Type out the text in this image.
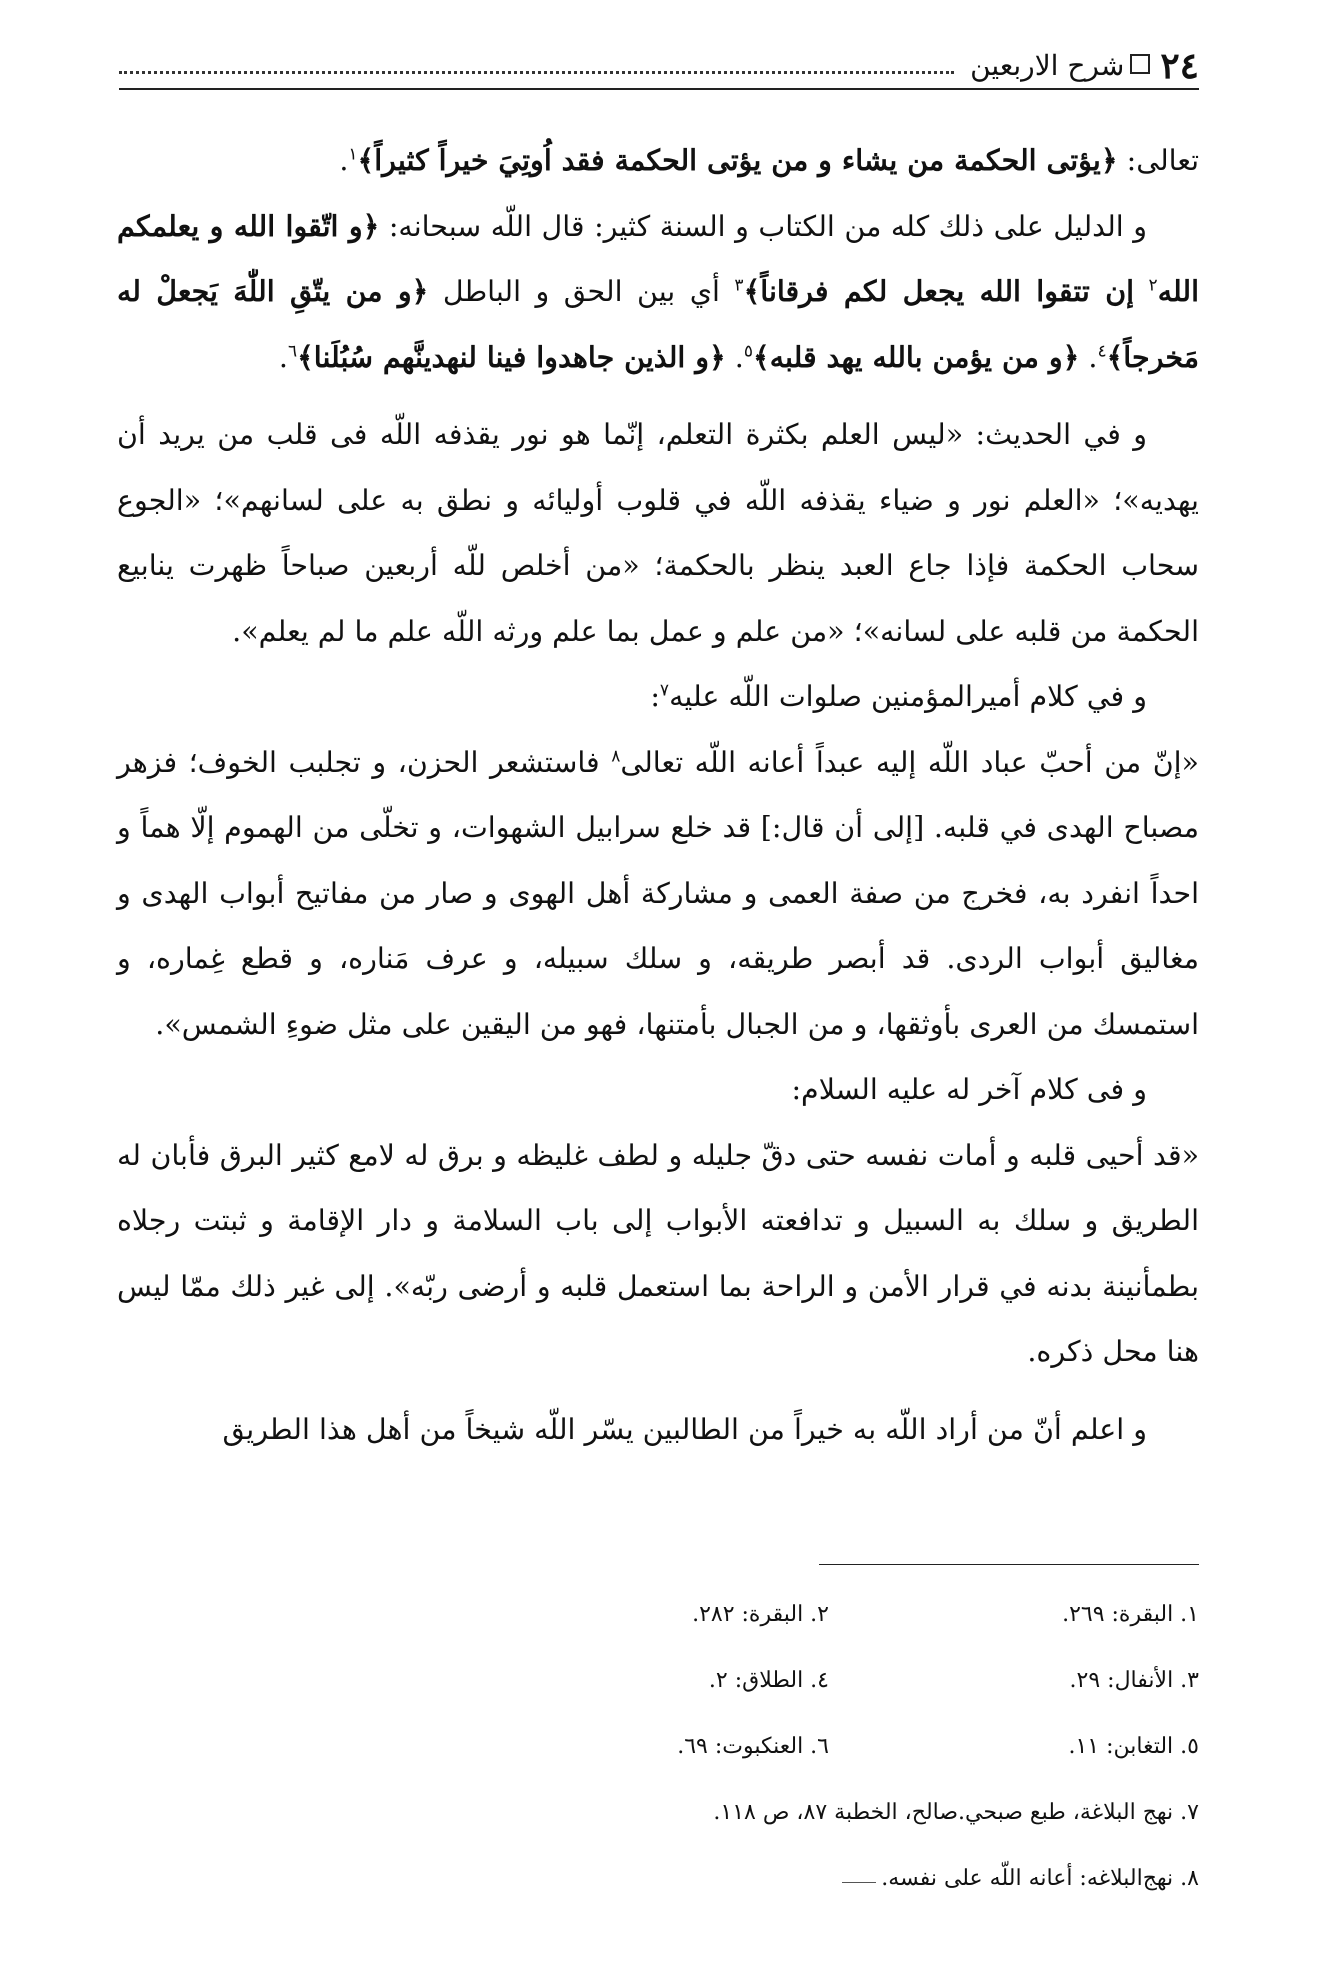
٢٤
شرح الاربعين

تعالی: ﴿يؤتی الحكمة من يشاء و من يؤتی الحكمة فقد اُوتِيَ خيراً كثيراً﴾$^١$.

و الدليل علی ذلك كله من الكتاب و السنة كثير: قال اللّه سبحانه: ﴿و اتّقوا الله و يعلمكم الله$^٢$ إن تتقوا الله يجعل لكم فرقاناً﴾$^٣$ أي بين الحق و الباطل ﴿و من يتّقِ اللّٰهَ يَجعلْ له مَخرجاً﴾$^٤$. ﴿و من يؤمن بالله يهد قلبه﴾$^٥$. ﴿و الذين جاهدوا فينا لنهدينَّهم سُبُلَنا﴾$^٦$.

و في الحديث: «ليس العلم بكثرة التعلم، إنّما هو نور يقذفه اللّه فی قلب من يريد أن يهديه»؛ «العلم نور و ضياء يقذفه اللّه في قلوب أوليائه و نطق به علی لسانهم»؛ «الجوع سحاب الحكمة فإذا جاع العبد ينظر بالحكمة؛ «من أخلص للّه أربعين صباحاً ظهرت ينابيع الحكمة من قلبه علی لسانه»؛ «من علم و عمل بما علم ورثه اللّه علم ما لم يعلم».

و في كلام أميرالمؤمنين صلوات اللّه عليه$^٧$:

«إنّ من أحبّ عباد اللّه إليه عبداً أعانه اللّه تعالی$^٨$ فاستشعر الحزن، و تجلبب الخوف؛ فزهر مصباح الهدی في قلبه. [إلی أن قال:] قد خلع سرابيل الشهوات، و تخلّی من الهموم إلّا هماً و احداً انفرد به، فخرج من صفة العمی و مشاركة أهل الهوی و صار من مفاتيح أبواب الهدی و مغاليق أبواب الردی. قد أبصر طريقه، و سلك سبيله، و عرف مَناره، و قطع غِماره، و استمسك من العری بأوثقها، و من الجبال بأمتنها، فهو من اليقين علی مثل ضوءِ الشمس».

و فی كلام آخر له عليه السلام:

«قد أحيی قلبه و أمات نفسه حتی دقّ جليله و لطف غليظه و برق له لامع كثير البرق فأبان له الطريق و سلك به السبيل و تدافعته الأبواب إلی باب السلامة و دار الإقامة و ثبتت رجلاه بطمأنينة بدنه في قرار الأمن و الراحة بما استعمل قلبه و أرضی ربّه». إلی غير ذلك ممّا ليس هنا محل ذكره.

و اعلم أنّ من أراد اللّه به خيراً من الطالبين يسّر اللّه شيخاً من أهل هذا الطريق

١. البقرة: ٢٦٩.
٢. البقرة: ٢٨٢.
٣. الأنفال: ٢٩.
٤. الطلاق: ٢.
٥. التغابن: ١١.
٦. العنكبوت: ٦٩.
٧. نهج البلاغة، طبع صبحي.صالح، الخطبة ٨٧، ص ١١٨.
٨. نهج‌البلاغه: أعانه اللّه علی نفسه.
